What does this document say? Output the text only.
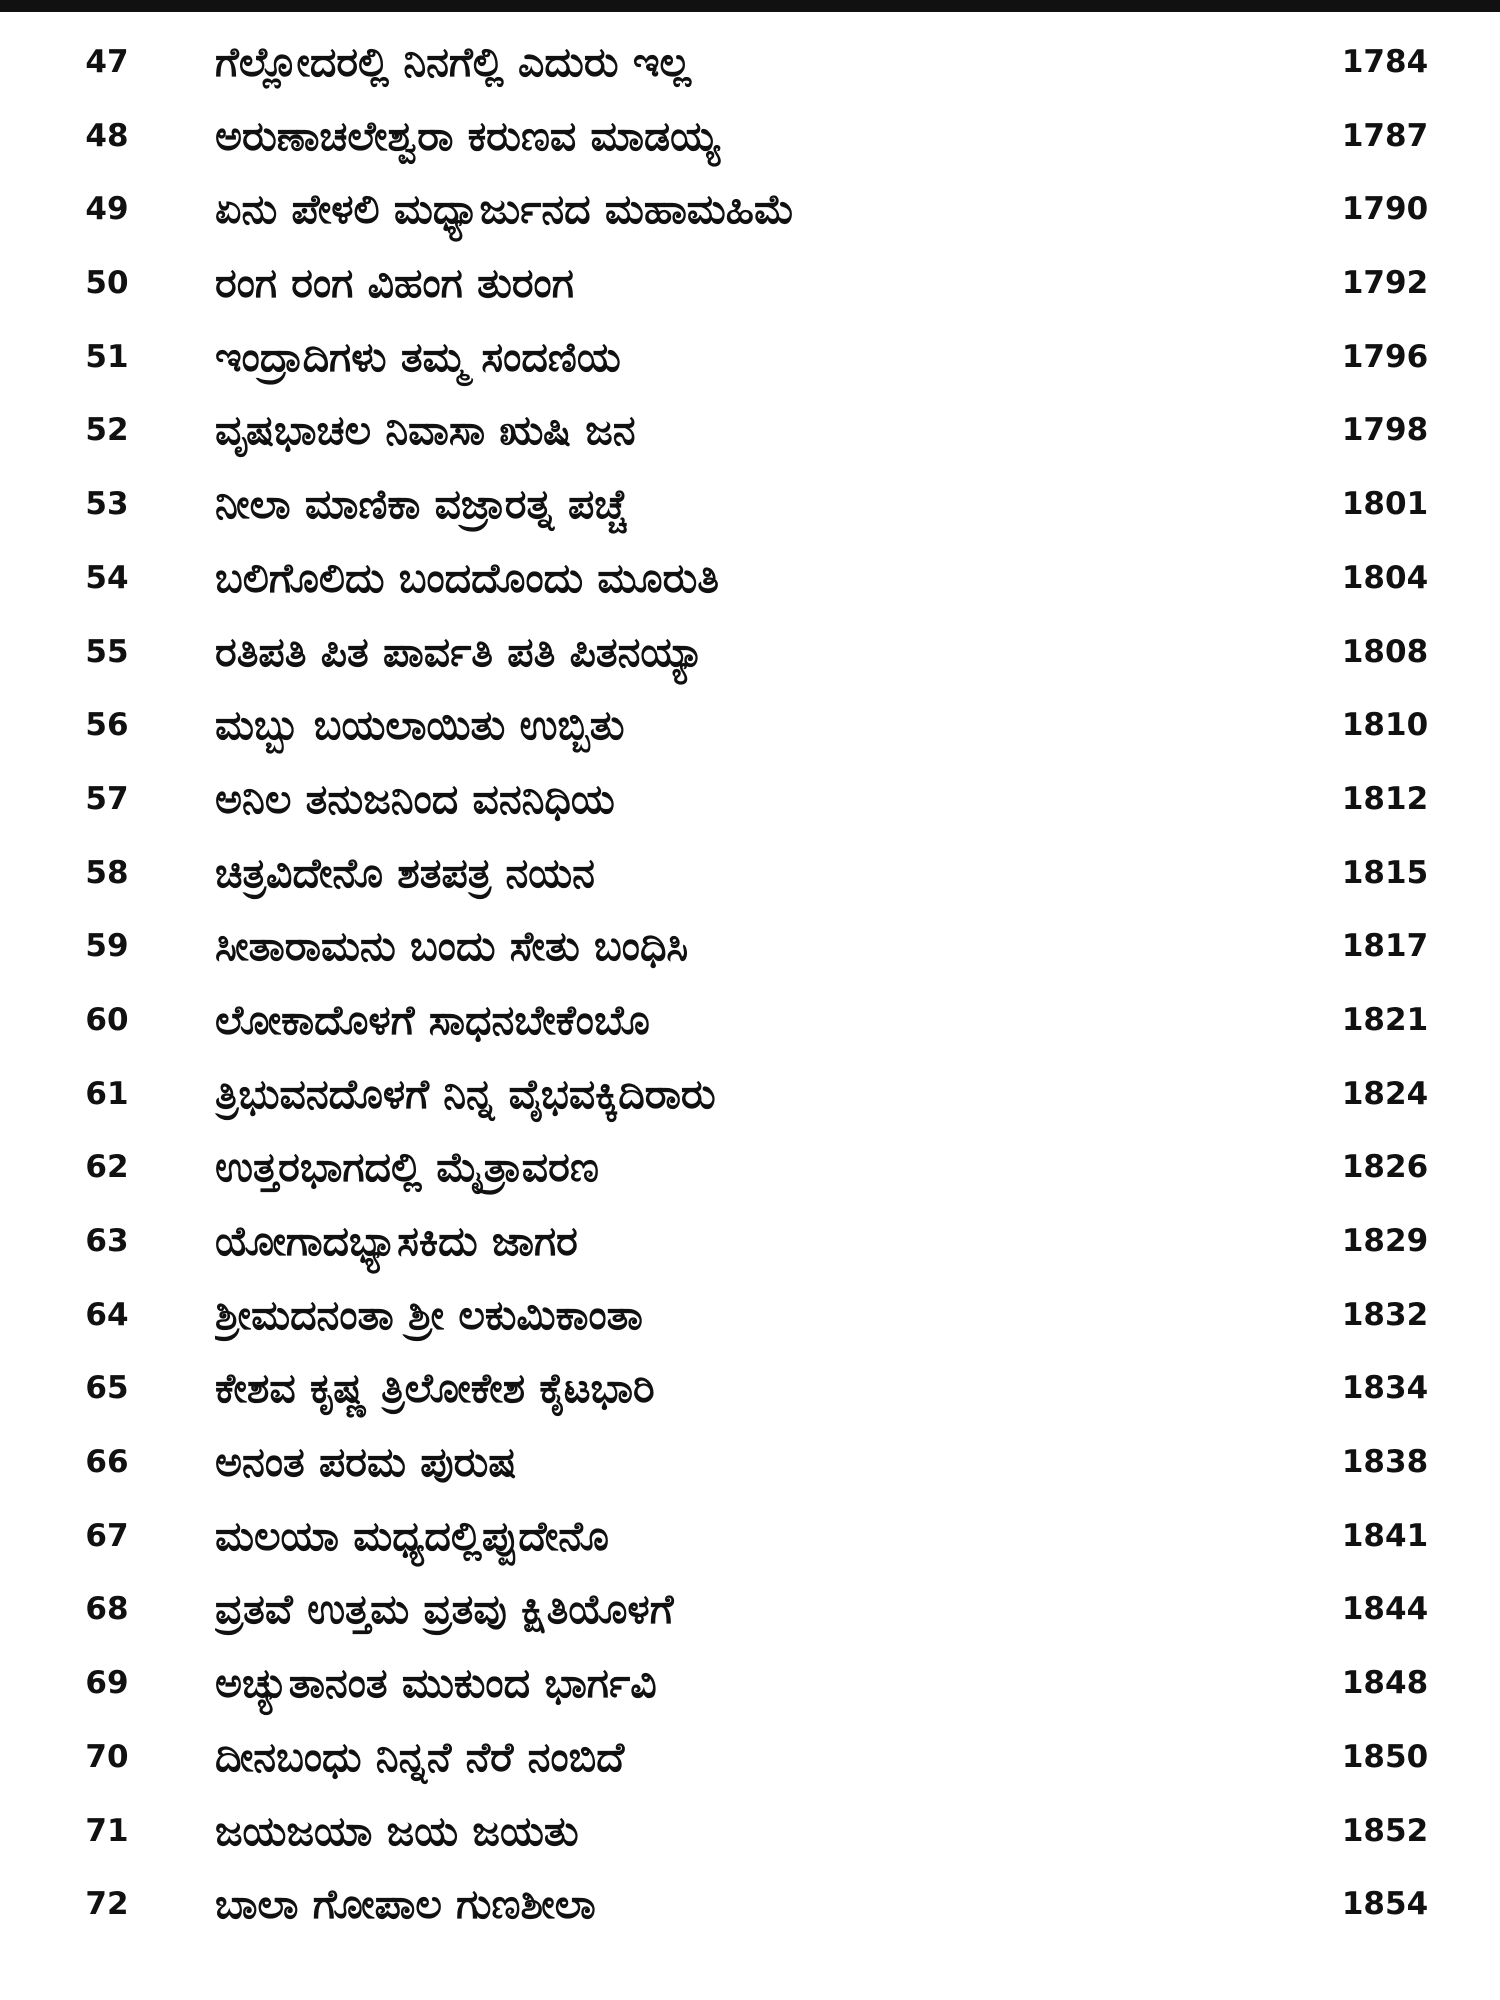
47	ಗೆಲ್ಲೋದರಲ್ಲಿ ನಿನಗೆಲ್ಲಿ ಎದುರು ಇಲ್ಲ	1784
48	ಅರುಣಾಚಲೇಶ್ವರಾ ಕರುಣವ ಮಾಡಯ್ಯ	1787
49	ಏನು ಪೇಳಲಿ ಮಧ್ಯಾರ್ಜುನದ ಮಹಾಮಹಿಮೆ	1790
50	ರಂಗ ರಂಗ ವಿಹಂಗ ತುರಂಗ	1792
51	ಇಂದ್ರಾದಿಗಳು ತಮ್ಮ ಸಂದಣಿಯ	1796
52	ವೃಷಭಾಚಲ ನಿವಾಸಾ ಋಷಿ ಜನ	1798
53	ನೀಲಾ ಮಾಣಿಕಾ ವಜ್ರಾರತ್ನ ಪಚ್ಚೆ	1801
54	ಬಲಿಗೊಲಿದು ಬಂದದೊಂದು ಮೂರುತಿ	1804
55	ರತಿಪತಿ ಪಿತ ಪಾರ್ವತಿ ಪತಿ ಪಿತನಯ್ಯಾ	1808
56	ಮಬ್ಬು ಬಯಲಾಯಿತು ಉಬ್ಬಿತು	1810
57	ಅನಿಲ ತನುಜನಿಂದ ವನನಿಧಿಯ	1812
58	ಚಿತ್ರವಿದೇನೊ ಶತಪತ್ರ ನಯನ	1815
59	ಸೀತಾರಾಮನು ಬಂದು ಸೇತು ಬಂಧಿಸಿ	1817
60	ಲೋಕಾದೊಳಗೆ ಸಾಧನಬೇಕೆಂಬೊ	1821
61	ತ್ರಿಭುವನದೊಳಗೆ ನಿನ್ನ ವೈಭವಕ್ಕಿದಿರಾರು	1824
62	ಉತ್ತರಭಾಗದಲ್ಲಿ ಮೈತ್ರಾವರಣ	1826
63	ಯೋಗಾದಭ್ಯಾಸಕಿದು ಜಾಗರ	1829
64	ಶ್ರೀಮದನಂತಾ ಶ್ರೀ ಲಕುಮಿಕಾಂತಾ	1832
65	ಕೇಶವ ಕೃಷ್ಣ ತ್ರಿಲೋಕೇಶ ಕೈಟಭಾರಿ	1834
66	ಅನಂತ ಪರಮ ಪುರುಷ	1838
67	ಮಲಯಾ ಮಧ್ಯದಲ್ಲಿಪ್ಪುದೇನೊ	1841
68	ವ್ರತವೆ ಉತ್ತಮ ವ್ರತವು ಕ್ಷಿತಿಯೊಳಗೆ	1844
69	ಅಚ್ಯುತಾನಂತ ಮುಕುಂದ ಭಾರ್ಗವಿ	1848
70	ದೀನಬಂಧು ನಿನ್ನನೆ ನೆರೆ ನಂಬಿದೆ	1850
71	ಜಯಜಯಾ ಜಯ ಜಯತು	1852
72	ಬಾಲಾ ಗೋಪಾಲ ಗುಣಶೀಲಾ	1854
